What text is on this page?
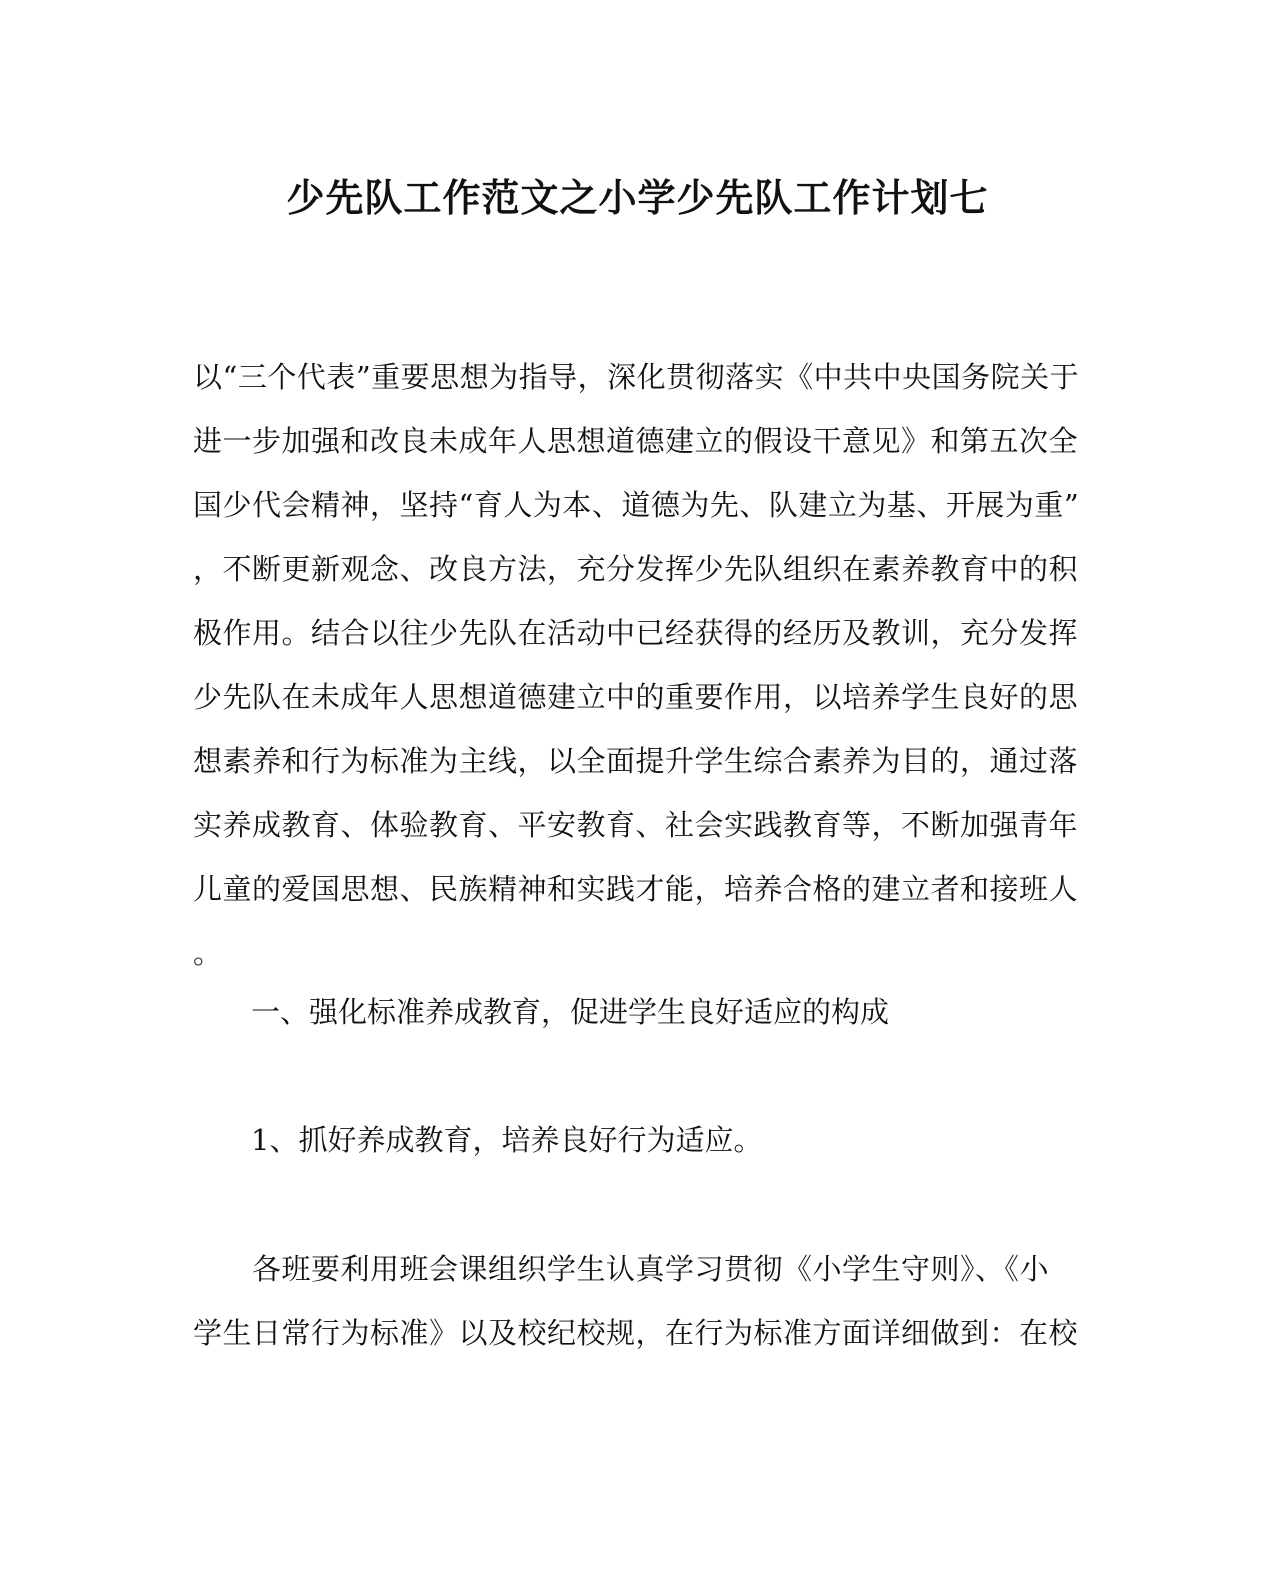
少先队工作范文之小学少先队工作计划七
以“三个代表”重要思想为指导，深化贯彻落实《中共中央国务院关于
进一步加强和改良未成年人思想道德建立的假设干意见》和第五次全
国少代会精神，坚持“育人为本、道德为先、队建立为基、开展为重”
，不断更新观念、改良方法，充分发挥少先队组织在素养教育中的积
极作用。结合以往少先队在活动中已经获得的经历及教训，充分发挥
少先队在未成年人思想道德建立中的重要作用，以培养学生良好的思
想素养和行为标准为主线，以全面提升学生综合素养为目的，通过落
实养成教育、体验教育、平安教育、社会实践教育等，不断加强青年
儿童的爱国思想、民族精神和实践才能，培养合格的建立者和接班人
。
一、强化标准养成教育，促进学生良好适应的构成
1、抓好养成教育，培养良好行为适应。
　　各班要利用班会课组织学生认真学习贯彻《小学生守则》、《小
学生日常行为标准》以及校纪校规，在行为标准方面详细做到：在校
